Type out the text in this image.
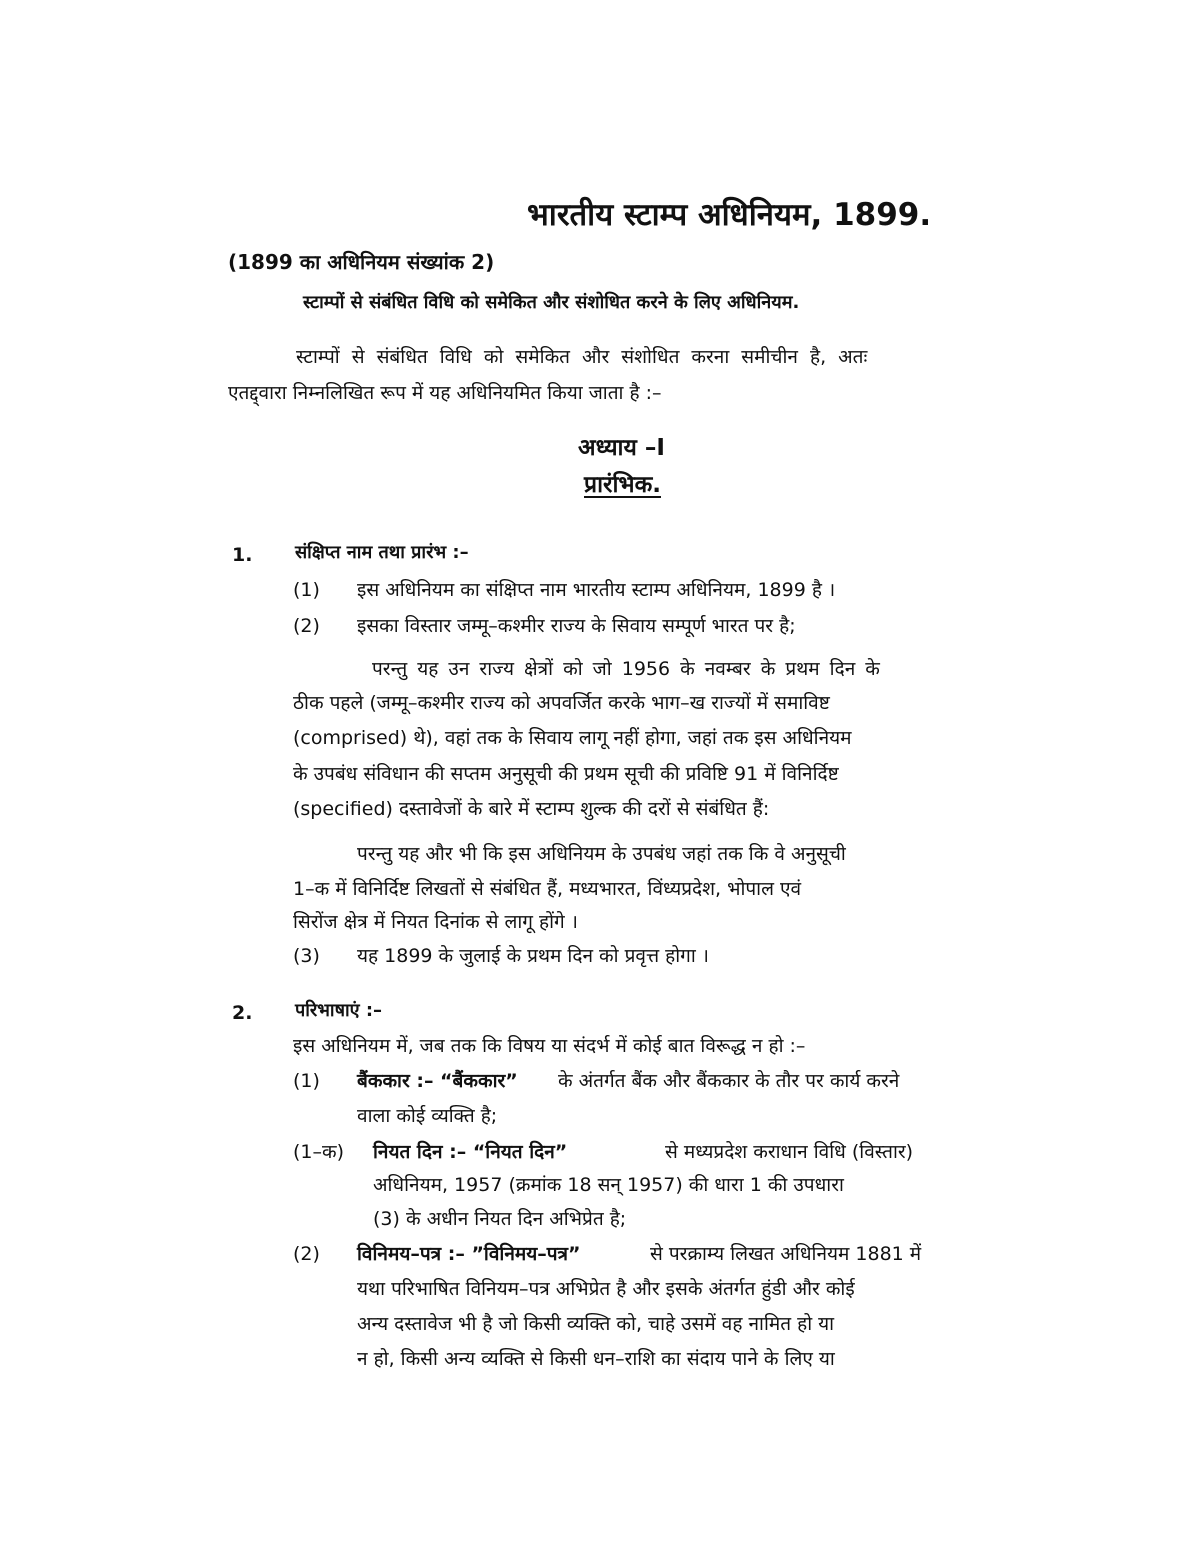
भारतीय स्टाम्प अधिनियम, 1899.
(1899 का अधिनियम संख्यांक 2)
स्टाम्पों से संबंधित विधि को समेकित और संशोधित करने के लिए अधिनियम.
स्टाम्पों से संबंधित विधि को समेकित और संशोधित करना समीचीन है, अतः
एतद्द्वारा निम्नलिखित रूप में यह अधिनियमित किया जाता है :–
अध्याय –I
प्रारंभिक.
1. संक्षिप्त नाम तथा प्रारंभ :–
(1) इस अधिनियम का संक्षिप्त नाम भारतीय स्टाम्प अधिनियम, 1899 है ।
(2) इसका विस्तार जम्मू–कश्मीर राज्य के सिवाय सम्पूर्ण भारत पर है;
परन्तु यह उन राज्य क्षेत्रों को जो 1956 के नवम्बर के प्रथम दिन के
ठीक पहले (जम्मू–कश्मीर राज्य को अपवर्जित करके भाग–ख राज्यों में समाविष्ट
(comprised) थे), वहां तक के सिवाय लागू नहीं होगा, जहां तक इस अधिनियम
के उपबंध संविधान की सप्तम अनुसूची की प्रथम सूची की प्रविष्टि 91 में विनिर्दिष्ट
(specified) दस्तावेजों के बारे में स्टाम्प शुल्क की दरों से संबंधित हैं:
परन्तु यह और भी कि इस अधिनियम के उपबंध जहां तक कि वे अनुसूची
1–क में विनिर्दिष्ट लिखतों से संबंधित हैं, मध्यभारत, विंध्यप्रदेश, भोपाल एवं
सिरोंज क्षेत्र में नियत दिनांक से लागू होंगे ।
(3) यह 1899 के जुलाई के प्रथम दिन को प्रवृत्त होगा ।
2. परिभाषाएं :–
इस अधिनियम में, जब तक कि विषय या संदर्भ में कोई बात विरूद्ध न हो :–
(1) बैंककार :– “बैंककार” के अंतर्गत बैंक और बैंककार के तौर पर कार्य करने
वाला कोई व्यक्ति है;
(1–क) नियत दिन :– “नियत दिन”	से मध्यप्रदेश कराधान विधि (विस्तार)
अधिनियम, 1957 (क्रमांक 18 सन् 1957) की धारा 1 की उपधारा
(3) के अधीन नियत दिन अभिप्रेत है;
(2) विनिमय–पत्र :– ”विनिमय–पत्र”	से परक्राम्य लिखत अधिनियम 1881 में
यथा परिभाषित विनियम–पत्र अभिप्रेत है और इसके अंतर्गत हुंडी और कोई
अन्य दस्तावेज भी है जो किसी व्यक्ति को, चाहे उसमें वह नामित हो या
न हो, किसी अन्य व्यक्ति से किसी धन–राशि का संदाय पाने के लिए या
